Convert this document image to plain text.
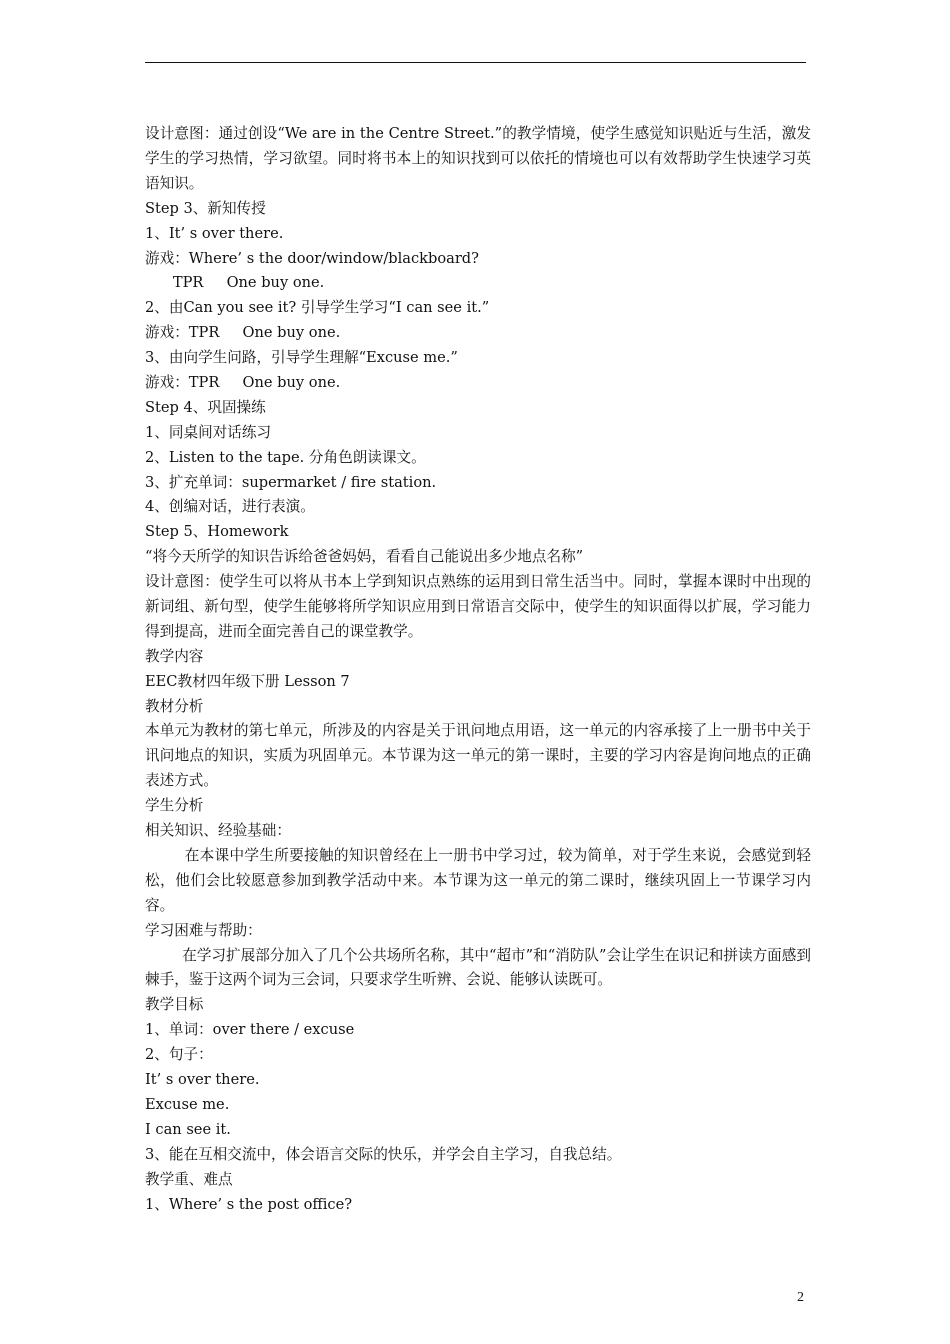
设计意图：通过创设“We are in the Centre Street.”的教学情境，使学生感觉知识贴近与生活，激发学生的学习热情，学习欲望。同时将书本上的知识找到可以依托的情境也可以有效帮助学生快速学习英语知识。
Step 3、新知传授
1、It’ s over there.
游戏：Where’ s the door/window/blackboard?
TPR     One buy one.
2、由Can you see it? 引导学生学习“I can see it.”
游戏：TPR     One buy one.
3、由向学生问路，引导学生理解“Excuse me.”
游戏：TPR     One buy one.
Step 4、巩固操练
1、同桌间对话练习
2、Listen to the tape. 分角色朗读课文。
3、扩充单词：supermarket / fire station.
4、创编对话，进行表演。
Step 5、Homework
“将今天所学的知识告诉给爸爸妈妈，看看自己能说出多少地点名称”
设计意图：使学生可以将从书本上学到知识点熟练的运用到日常生活当中。同时，掌握本课时中出现的新词组、新句型，使学生能够将所学知识应用到日常语言交际中，使学生的知识面得以扩展，学习能力得到提高，进而全面完善自己的课堂教学。
教学内容
EEC教材四年级下册 Lesson 7
教材分析
本单元为教材的第七单元，所涉及的内容是关于讯问地点用语，这一单元的内容承接了上一册书中关于讯问地点的知识，实质为巩固单元。本节课为这一单元的第一课时，主要的学习内容是询问地点的正确表述方式。
学生分析
相关知识、经验基础：
在本课中学生所要接触的知识曾经在上一册书中学习过，较为简单，对于学生来说，会感觉到轻松，他们会比较愿意参加到教学活动中来。本节课为这一单元的第二课时，继续巩固上一节课学习内容。
学习困难与帮助：
在学习扩展部分加入了几个公共场所名称，其中“超市”和“消防队”会让学生在识记和拼读方面感到棘手，鉴于这两个词为三会词，只要求学生听辨、会说、能够认读既可。
教学目标
1、单词：over there / excuse
2、句子：
It’ s over there.
Excuse me.
I can see it.
3、能在互相交流中，体会语言交际的快乐，并学会自主学习，自我总结。
教学重、难点
1、Where’ s the post office?
2
